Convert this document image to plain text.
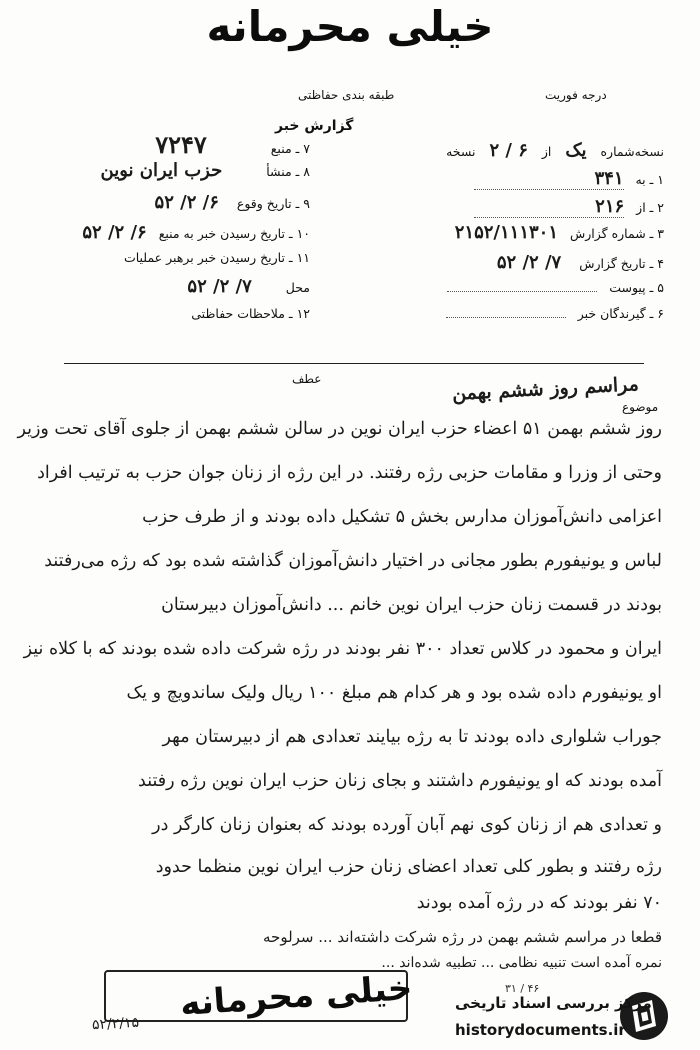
خیلی محرمانه
درجه فوریت
طبقه بندی حفاظتی
گزارش خبر
نسخه‌شماره یک از ۶ / ۲ نسخه
۱ ـ به ۳۴۱
۲ ـ از ۲۱۶
۳ ـ شماره گزارش ۲۱۵۲/۱۱۱۳۰۱
۴ ـ تاریخ گزارش ۷/ ۲/ ۵۲
۵ ـ پیوست
۶ ـ گیرندگان خبر
۷ ـ منبع ۷۲۴۷
۸ ـ منشأ حزب ایران نوین
۹ ـ تاریخ وقوع ۶/ ۲/ ۵۲
۱۰ ـ تاریخ رسیدن خبر به منبع ۶/ ۲/ ۵۲
۱۱ ـ تاریخ رسیدن خبر برهبر عملیات
محل ۷/ ۲/ ۵۲
۱۲ ـ ملاحظات حفاظتی
عطف
موضوع
مراسم روز ششم بهمن
روز ششم بهمن ۵۱ اعضاء حزب ایران نوین در سالن ششم بهمن از جلوی آقای تحت وزیر
وحتی از وزرا و مقامات حزبی رژه رفتند. در این رژه از زنان جوان حزب به ترتیب افراد
اعزامی دانش‌آموزان مدارس بخش ۵ تشکیل داده بودند و از طرف حزب
لباس و یونیفورم بطور مجانی در اختیار دانش‌آموزان گذاشته شده بود که رژه می‌رفتند
بودند در قسمت زنان حزب ایران نوین خانم ... دانش‌آموزان دبیرستان
ایران و محمود در کلاس تعداد ۳۰۰ نفر بودند در رژه شرکت داده شده بودند که با کلاه نیز
او یونیفورم داده شده بود و هر کدام هم مبلغ ۱۰۰ ریال ولیک ساندویچ و یک
جوراب شلواری داده بودند تا به رژه بیایند تعدادی هم از دبیرستان مهر
آمده بودند که او یونیفورم داشتند و بجای زنان حزب ایران نوین رژه رفتند
و تعدادی هم از زنان کوی نهم آبان آورده بودند که بعنوان زنان کارگر در
رژه رفتند و بطور کلی تعداد اعضای زنان حزب ایران نوین منظما حدود
۷۰ نفر بودند که در رژه آمده بودند
قطعا در مراسم ششم بهمن در رژه شرکت داشته‌اند ... سرلوحه
نمره آمده است تنبیه نظامی ... تطبیه شده‌اند ...
خیلی محرمانه
۵۲/۲/۱۵
۳۱ / ۴۶
مرکز بررسی اسناد تاریخی
historydocuments.ir
